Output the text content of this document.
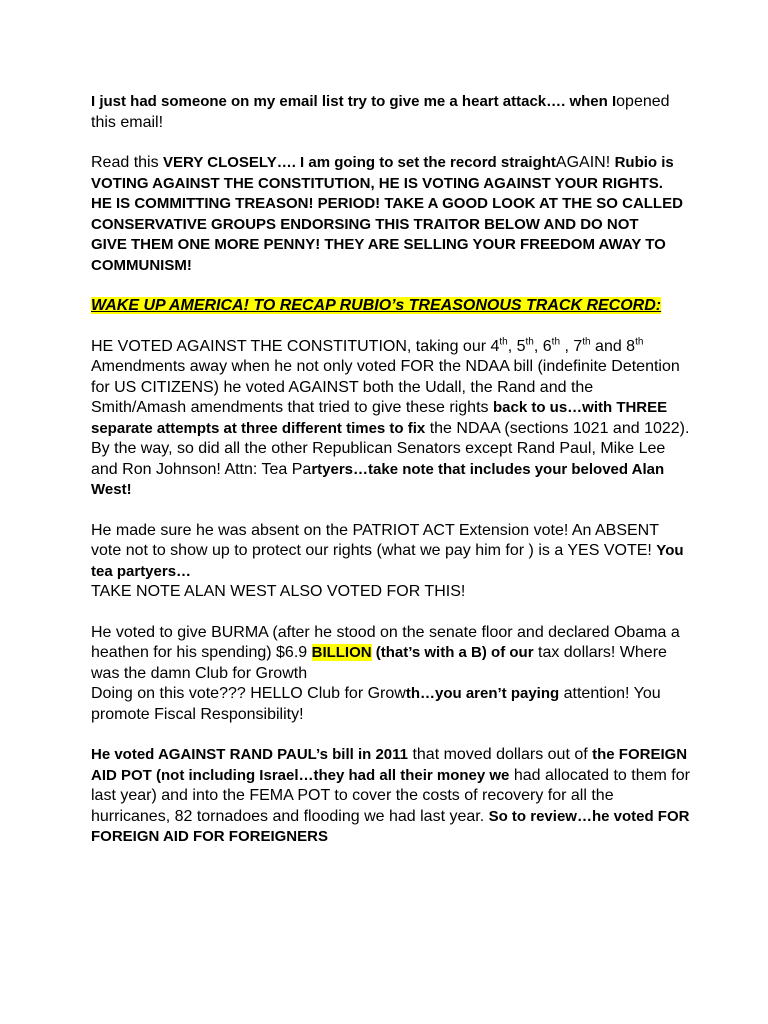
I just had someone on my email list try to give me a heart attack…. when Iopened this email!

Read this VERY CLOSELY…. I am going to set the record straightAGAIN! Rubio is VOTING AGAINST THE CONSTITUTION, HE IS VOTING AGAINST YOUR RIGHTS.
HE IS COMMITTING TREASON! PERIOD! TAKE A GOOD LOOK AT THE SO CALLED CONSERVATIVE GROUPS ENDORSING THIS TRAITOR BELOW AND DO NOT
GIVE THEM ONE MORE PENNY! THEY ARE SELLING YOUR FREEDOM AWAY TO COMMUNISM!

WAKE UP AMERICA! TO RECAP RUBIO’s TREASONOUS TRACK RECORD:

HE VOTED AGAINST THE CONSTITUTION, taking our 4th, 5th, 6th , 7th and 8th Amendments away when he not only voted FOR the NDAA bill (indefinite Detention for US CITIZENS) he voted AGAINST both the Udall, the Rand and the Smith/Amash amendments that tried to give these rights back to us…with THREE separate attempts at three different times to fix the NDAA (sections 1021 and 1022). By the way, so did all the other Republican Senators except Rand Paul, Mike Lee and Ron Johnson! Attn: Tea Partyers…take note that includes your beloved Alan West!

He made sure he was absent on the PATRIOT ACT Extension vote! An ABSENT vote not to show up to protect our rights (what we pay him for ) is a YES VOTE! You tea partyers…
TAKE NOTE ALAN WEST ALSO VOTED FOR THIS!

He voted to give BURMA (after he stood on the senate floor and declared Obama a heathen for his spending) $6.9 BILLION (that’s with a B) of our tax dollars! Where was the damn Club for Growth
Doing on this vote??? HELLO Club for Growth…you aren’t paying attention! You promote Fiscal Responsibility!

He voted AGAINST RAND PAUL’s bill in 2011 that moved dollars out of the FOREIGN AID POT (not including Israel…they had all their money we had allocated to them for last year) and into the FEMA POT to cover the costs of recovery for all the hurricanes, 82 tornadoes and flooding we had last year. So to review…he voted FOR FOREIGN AID FOR FOREIGNERS
